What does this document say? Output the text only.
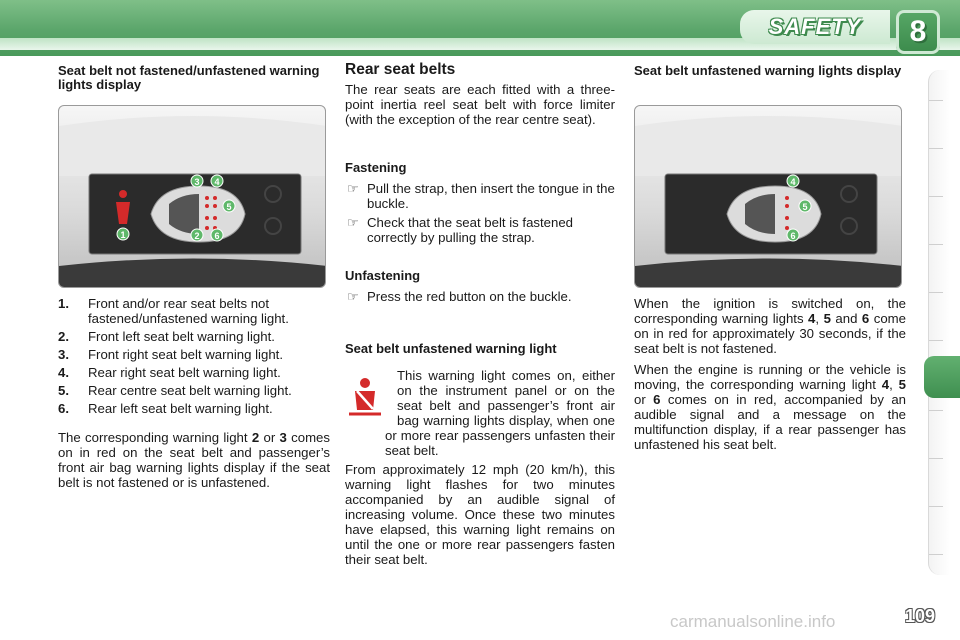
SAFETY 8
Seat belt not fastened/unfastened warning lights display
3 4
5
1	2 6
1.	Front and/or rear seat belts not fastened/unfastened warning light.
2.	Front left seat belt warning light.
3.	Front right seat belt warning light.
4.	Rear right seat belt warning light.
5.	Rear centre seat belt warning light.
6.	Rear left seat belt warning light.

The corresponding warning light 2 or 3 comes on in red on the seat belt and passenger’s front air bag warning lights display if the seat belt is not fastened or is unfastened.

Rear seat belts

The rear seats are each fitted with a three-point inertia reel seat belt with force limiter (with the exception of the rear centre seat).

Fastening
☞ Pull the strap, then insert the tongue in the buckle.
☞ Check that the seat belt is fastened correctly by pulling the strap.
Unfastening
☞ Press the red button on the buckle.
Seat belt unfastened warning light

This warning light comes on, either on the instrument panel or on the seat belt and passenger’s front air bag warning lights display, when one or more rear passengers unfasten their seat belt.

From approximately 12 mph (20 km/h), this warning light flashes for two minutes accompanied by an audible signal of increasing volume. Once these two minutes have elapsed, this warning light remains on until the one or more rear passengers fasten their seat belt.

Seat belt unfastened warning lights display
4
5
6

When the ignition is switched on, the corresponding warning lights 4, 5 and 6 come on in red for approximately 30 seconds, if the seat belt is not fastened.

When the engine is running or the vehicle is moving, the corresponding warning light 4, 5 or 6 comes on in red, accompanied by an audible signal and a message on the multifunction display, if a rear passenger has unfastened his seat belt.

carmanualsonline.info	109
